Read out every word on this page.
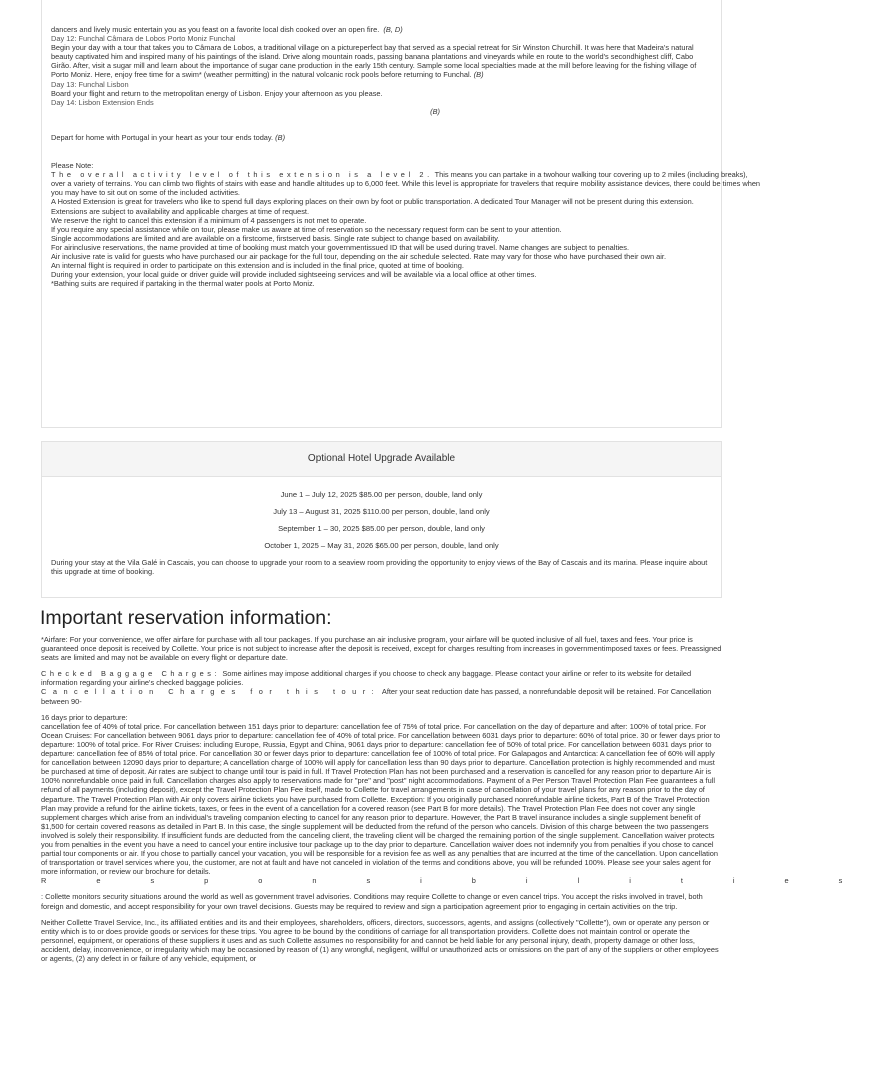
dancers and lively music entertain you as you feast on a favorite local dish cooked over an open fire. (B, D)

Day 12: Funchal Câmara de Lobos Porto Moniz Funchal

Begin your day with a tour that takes you to Câmara de Lobos, a traditional village on a pictureperfect bay that served as a special retreat for Sir Winston Churchill. It was here that Madeira's natural beauty captivated him and inspired many of his paintings of the island. Drive along mountain roads, passing banana plantations and vineyards while en route to the world's secondhighest cliff, Cabo Girão. After, visit a sugar mill and learn about the importance of sugar cane production in the early 15th century. Sample some local specialties made at the mill before leaving for the fishing village of Porto Moniz. Here, enjoy free time for a swim* (weather permitting) in the natural volcanic rock pools before returning to Funchal. (B)

Day 13: Funchal Lisbon

Board your flight and return to the metropolitan energy of Lisbon. Enjoy your afternoon as you please.

Day 14: Lisbon Extension Ends

(B)

Depart for home with Portugal in your heart as your tour ends today. (B)

Please Note:

The overall activity level of this extension is a level 2. This means you can partake in a twohour walking tour covering up to 2 miles (including breaks), over a variety of terrains. You can climb two flights of stairs with ease and handle altitudes up to 6,000 feet. While this level is appropriate for travelers that require mobility assistance devices, there could be times when you may have to sit out on some of the included activities.

A Hosted Extension is great for travelers who like to spend full days exploring places on their own by foot or public transportation. A dedicated Tour Manager will not be present during this extension.

Extensions are subject to availability and applicable charges at time of request.

We reserve the right to cancel this extension if a minimum of 4 passengers is not met to operate.

If you require any special assistance while on tour, please make us aware at time of reservation so the necessary request form can be sent to your attention.

Single accommodations are limited and are available on a firstcome, firstserved basis. Single rate subject to change based on availability.

For airinclusive reservations, the name provided at time of booking must match your governmentissued ID that will be used during travel. Name changes are subject to penalties.

Air inclusive rate is valid for guests who have purchased our air package for the full tour, depending on the air schedule selected. Rate may vary for those who have purchased their own air.

An internal flight is required in order to participate on this extension and is included in the final price, quoted at time of booking.

During your extension, your local guide or driver guide will provide included sightseeing services and will be available via a local office at other times.

*Bathing suits are required if partaking in the thermal water pools at Porto Moniz.

Optional Hotel Upgrade Available
June 1 – July 12, 2025 $85.00 per person, double, land only
July 13 – August 31, 2025 $110.00 per person, double, land only
September 1 – 30, 2025 $85.00 per person, double, land only
October 1, 2025 – May 31, 2026 $65.00 per person, double, land only

During your stay at the Vila Galé in Cascais, you can choose to upgrade your room to a seaview room providing the opportunity to enjoy views of the Bay of Cascais and its marina. Please inquire about this upgrade at time of booking.

Important reservation information:

*Airfare: For your convenience, we offer airfare for purchase with all tour packages. If you purchase an air inclusive program, your airfare will be quoted inclusive of all fuel, taxes and fees. Your price is guaranteed once deposit is received by Collette. Your price is not subject to increase after the deposit is received, except for charges resulting from increases in governmentimposed taxes or fees. Preassigned seats are limited and may not be available on every flight or departure date.

Checked Baggage Charges: Some airlines may impose additional charges if you choose to check any baggage. Please contact your airline or refer to its website for detailed information regarding your airline's checked baggage policies.

Cancellation Charges for this tour: After your seat reduction date has passed, a nonrefundable deposit will be retained. For Cancellation between 90-

16 days prior to departure:

cancellation fee of 40% of total price. For cancellation between 151 days prior to departure: cancellation fee of 75% of total price. For cancellation on the day of departure and after: 100% of total price. For Ocean Cruises: For cancellation between 9061 days prior to departure: cancellation fee of 40% of total price. For cancellation between 6031 days prior to departure: 60% of total price. 30 or fewer days prior to departure: 100% of total price. For River Cruises: including Europe, Russia, Egypt and China, 9061 days prior to departure: cancellation fee of 50% of total price. For cancellation between 6031 days prior to departure: cancellation fee of 85% of total price. For cancellation 30 or fewer days prior to departure: cancellation fee of 100% of total price. For Galapagos and Antarctica: A cancellation fee of 60% will apply for cancellation between 12090 days prior to departure; A cancellation charge of 100% will apply for cancellation less than 90 days prior to departure. Cancellation protection is highly recommended and must be purchased at time of deposit. Air rates are subject to change until tour is paid in full. If Travel Protection Plan has not been purchased and a reservation is cancelled for any reason prior to departure Air is 100% nonrefundable once paid in full. Cancellation charges also apply to reservations made for "pre" and "post" night accommodations. Payment of a Per Person Travel Protection Plan Fee guarantees a full refund of all payments (including deposit), except the Travel Protection Plan Fee itself, made to Collette for travel arrangements in case of cancellation of your travel plans for any reason prior to the day of departure. The Travel Protection Plan with Air only covers airline tickets you have purchased from Collette. Exception: If you originally purchased nonrefundable airline tickets, Part B of the Travel Protection Plan may provide a refund for the airline tickets, taxes, or fees in the event of a cancellation for a covered reason (see Part B for more details). The Travel Protection Plan Fee does not cover any single supplement charges which arise from an individual's traveling companion electing to cancel for any reason prior to departure. However, the Part B travel insurance includes a single supplement benefit of $1,500 for certain covered reasons as detailed in Part B. In this case, the single supplement will be deducted from the refund of the person who cancels. Division of this charge between the two passengers involved is solely their responsibility. If insufficient funds are deducted from the canceling client, the traveling client will be charged the remaining portion of the single supplement. Cancellation waiver protects you from penalties in the event you have a need to cancel your entire inclusive tour package up to the day prior to departure. Cancellation waiver does not indemnify you from penalties if you chose to cancel partial tour components or air. If you chose to partially cancel your vacation, you will be responsible for a revision fee as well as any penalties that are incurred at the time of the cancellation. Upon cancellation of transportation or travel services where you, the customer, are not at fault and have not canceled in violation of the terms and conditions above, you will be refunded 100%. Please see your sales agent for more information, or review our brochure for details.

Responsibilities

: Collette monitors security situations around the world as well as government travel advisories. Conditions may require Collette to change or even cancel trips. You accept the risks involved in travel, both foreign and domestic, and accept responsibility for your own travel decisions. Guests may be required to review and sign a participation agreement prior to engaging in certain activities on the trip.

Neither Collette Travel Service, Inc., its affiliated entities and its and their employees, shareholders, officers, directors, successors, agents, and assigns (collectively "Collette"), own or operate any person or entity which is to or does provide goods or services for these trips. You agree to be bound by the conditions of carriage for all transportation providers. Collette does not maintain control or operate the personnel, equipment, or operations of these suppliers it uses and as such Collette assumes no responsibility for and cannot be held liable for any personal injury, death, property damage or other loss, accident, delay, inconvenience, or irregularity which may be occasioned by reason of (1) any wrongful, negligent, willful or unauthorized acts or omissions on the part of any of the suppliers or other employees or agents, (2) any defect in or failure of any vehicle, equipment, or
